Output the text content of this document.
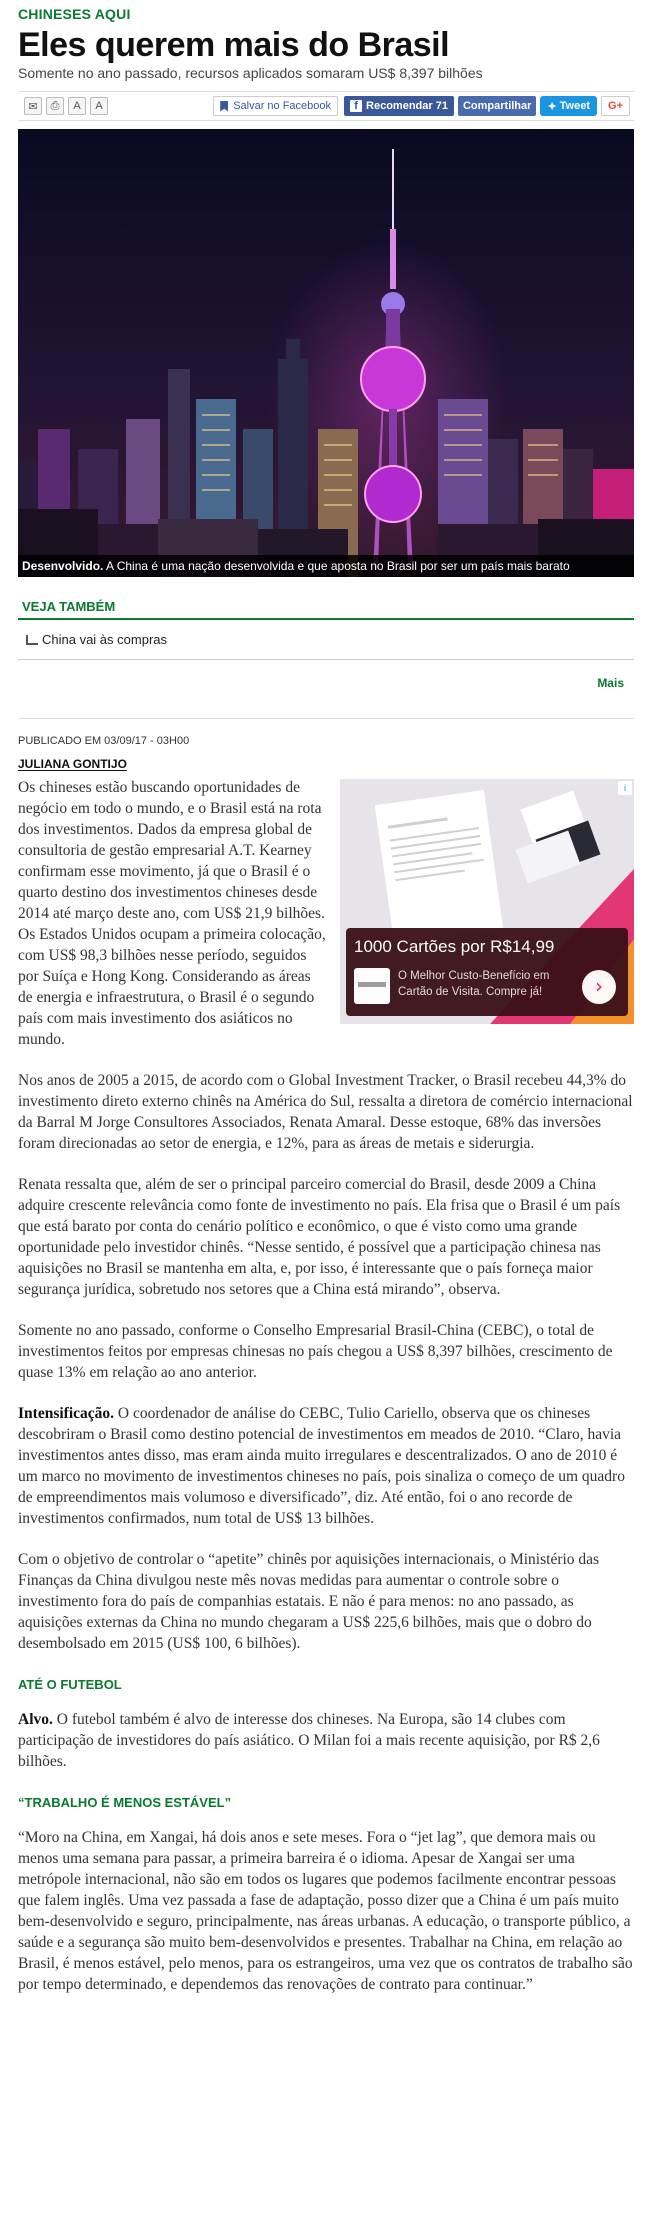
CHINESES AQUI
Eles querem mais do Brasil
Somente no ano passado, recursos aplicados somaram US$ 8,397 bilhões
✉	⎙	A	A	Salvar no Facebook	f Recomendar 71	Compartilhar	✦ Tweet	G+
Desenvolvido. A China é uma nação desenvolvida e que aposta no Brasil por ser um país mais barato
VEJA TAMBÉM
China vai às compras
Mais
PUBLICADO EM 03/09/17 - 03H00
JULIANA GONTIJO
i
1000 Cartões por R$14,99
O Melhor Custo-Benefício em Cartão de Visita. Compre já!	›

Os chineses estão buscando oportunidades de negócio em todo o mundo, e o Brasil está na rota dos investimentos. Dados da empresa global de consultoria de gestão empresarial A.T. Kearney confirmam esse movimento, já que o Brasil é o quarto destino dos investimentos chineses desde 2014 até março deste ano, com US$ 21,9 bilhões. Os Estados Unidos ocupam a primeira colocação, com US$ 98,3 bilhões nesse período, seguidos por Suíça e Hong Kong. Considerando as áreas de energia e infraestrutura, o Brasil é o segundo país com mais investimento dos asiáticos no mundo.

Nos anos de 2005 a 2015, de acordo com o Global Investment Tracker, o Brasil recebeu 44,3% do investimento direto externo chinês na América do Sul, ressalta a diretora de comércio internacional da Barral M Jorge Consultores Associados, Renata Amaral. Desse estoque, 68% das inversões foram direcionadas ao setor de energia, e 12%, para as áreas de metais e siderurgia.

Renata ressalta que, além de ser o principal parceiro comercial do Brasil, desde 2009 a China adquire crescente relevância como fonte de investimento no país. Ela frisa que o Brasil é um país que está barato por conta do cenário político e econômico, o que é visto como uma grande oportunidade pelo investidor chinês. “Nesse sentido, é possível que a participação chinesa nas aquisições no Brasil se mantenha em alta, e, por isso, é interessante que o país forneça maior segurança jurídica, sobretudo nos setores que a China está mirando”, observa.

Somente no ano passado, conforme o Conselho Empresarial Brasil-China (CEBC), o total de investimentos feitos por empresas chinesas no país chegou a US$ 8,397 bilhões, crescimento de quase 13% em relação ao ano anterior.

Intensificação. O coordenador de análise do CEBC, Tulio Cariello, observa que os chineses descobriram o Brasil como destino potencial de investimentos em meados de 2010. “Claro, havia investimentos antes disso, mas eram ainda muito irregulares e descentralizados. O ano de 2010 é um marco no movimento de investimentos chineses no país, pois sinaliza o começo de um quadro de empreendimentos mais volumoso e diversificado”, diz. Até então, foi o ano recorde de investimentos confirmados, num total de US$ 13 bilhões.

Com o objetivo de controlar o “apetite” chinês por aquisições internacionais, o Ministério das Finanças da China divulgou neste mês novas medidas para aumentar o controle sobre o investimento fora do país de companhias estatais. E não é para menos: no ano passado, as aquisições externas da China no mundo chegaram a US$ 225,6 bilhões, mais que o dobro do desembolsado em 2015 (US$ 100, 6 bilhões).

ATÉ O FUTEBOL

Alvo. O futebol também é alvo de interesse dos chineses. Na Europa, são 14 clubes com participação de investidores do país asiático. O Milan foi a mais recente aquisição, por R$ 2,6 bilhões.

“TRABALHO É MENOS ESTÁVEL”

“Moro na China, em Xangai, há dois anos e sete meses. Fora o “jet lag”, que demora mais ou menos uma semana para passar, a primeira barreira é o idioma. Apesar de Xangai ser uma metrópole internacional, não são em todos os lugares que podemos facilmente encontrar pessoas que falem inglês. Uma vez passada a fase de adaptação, posso dizer que a China é um país muito bem-desenvolvido e seguro, principalmente, nas áreas urbanas. A educação, o transporte público, a saúde e a segurança são muito bem-desenvolvidos e presentes. Trabalhar na China, em relação ao Brasil, é menos estável, pelo menos, para os estrangeiros, uma vez que os contratos de trabalho são por tempo determinado, e dependemos das renovações de contrato para continuar.”
